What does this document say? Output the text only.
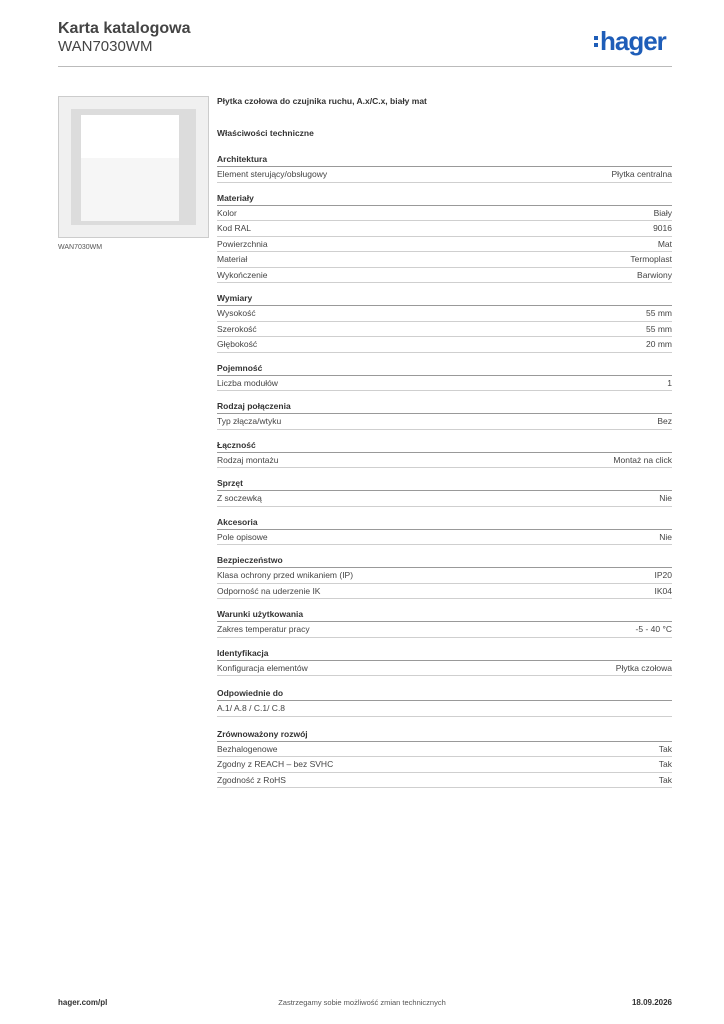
Karta katalogowa
WAN7030WM	hager
WAN7030WM
Płytka czołowa do czujnika ruchu, A.x/C.x, biały mat
Właściwości techniczne
Architektura
Element sterujący/obsługowy	Płytka centralna
Materiały
Kolor	Biały
Kod RAL	9016
Powierzchnia	Mat
Materiał	Termoplast
Wykończenie	Barwiony
Wymiary
Wysokość	55 mm
Szerokość	55 mm
Głębokość	20 mm
Pojemność
Liczba modułów	1
Rodzaj połączenia
Typ złącza/wtyku	Bez
Łączność
Rodzaj montażu	Montaż na click
Sprzęt
Z soczewką	Nie
Akcesoria
Pole opisowe	Nie
Bezpieczeństwo
Klasa ochrony przed wnikaniem (IP)	IP20
Odporność na uderzenie IK	IK04
Warunki użytkowania
Zakres temperatur pracy	-5 - 40 °C
Identyfikacja
Konfiguracja elementów	Płytka czołowa
Odpowiednie do
A.1/ A.8 / C.1/ C.8
Zrównoważony rozwój
Bezhalogenowe	Tak
Zgodny z REACH – bez SVHC	Tak
Zgodność z RoHS	Tak
hager.com/pl	Zastrzegamy sobie możliwość zmian technicznych	18.09.2026
